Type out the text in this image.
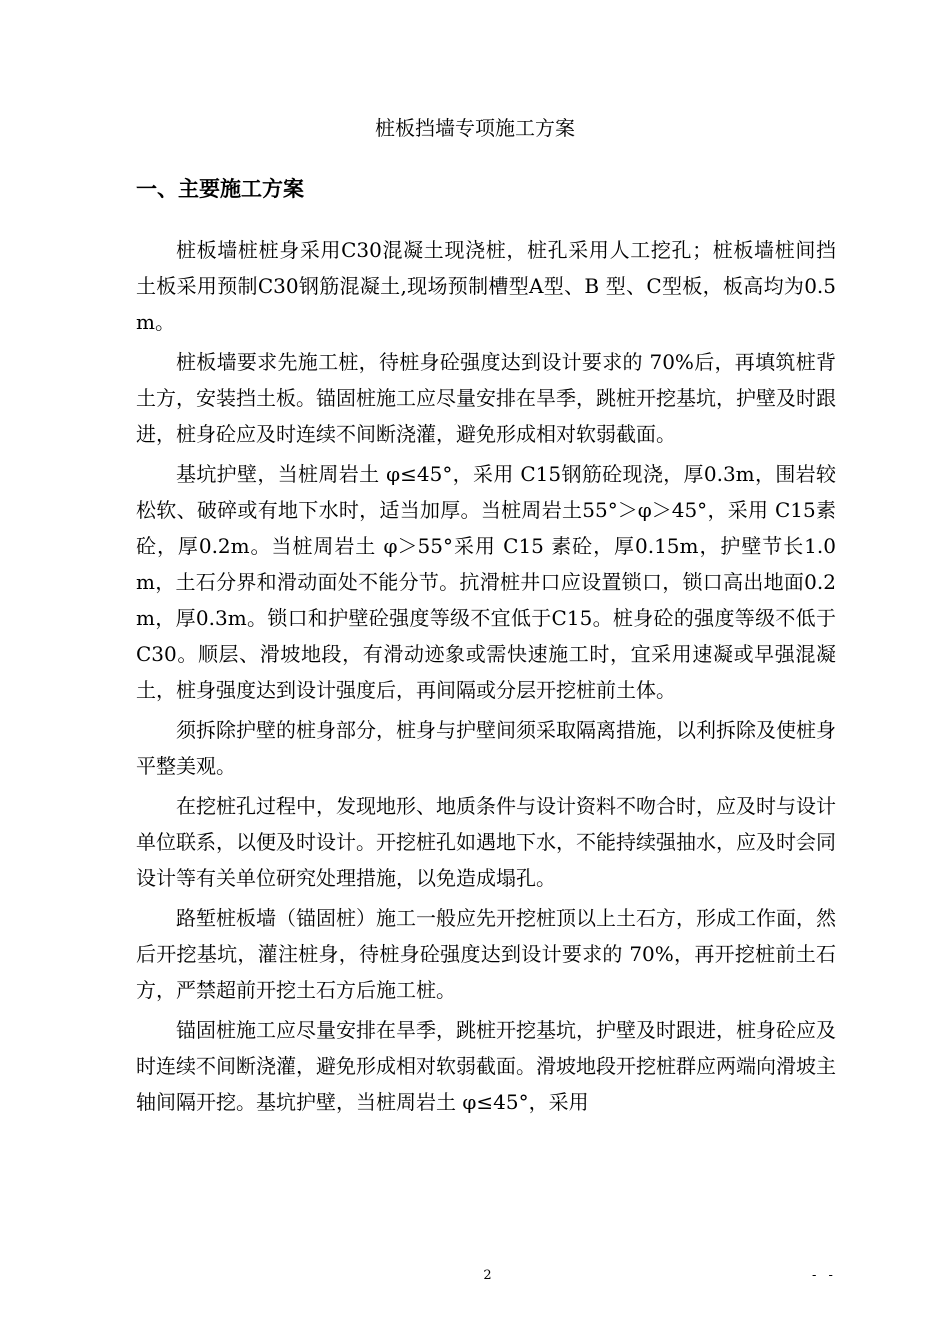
桩板挡墙专项施工方案
一、主要施工方案

桩板墙桩桩身采用C30混凝土现浇桩，桩孔采用人工挖孔；桩板墙桩间挡土板采用预制C30钢筋混凝土,现场预制槽型A型、B 型、C型板，板高均为0.5m。

桩板墙要求先施工桩，待桩身砼强度达到设计要求的 70%后，再填筑桩背土方，安装挡土板。锚固桩施工应尽量安排在旱季，跳桩开挖基坑，护壁及时跟进，桩身砼应及时连续不间断浇灌，避免形成相对软弱截面。

基坑护壁，当桩周岩土 φ≤45°，采用 C15钢筋砼现浇，厚0.3m，围岩较松软、破碎或有地下水时，适当加厚。当桩周岩土55°＞φ＞45°，采用 C15素砼，厚0.2m。当桩周岩土 φ＞55°采用 C15 素砼，厚0.15m，护壁节长1.0m，土石分界和滑动面处不能分节。抗滑桩井口应设置锁口，锁口高出地面0.2m，厚0.3m。锁口和护壁砼强度等级不宜低于C15。桩身砼的强度等级不低于 C30。顺层、滑坡地段，有滑动迹象或需快速施工时，宜采用速凝或早强混凝土，桩身强度达到设计强度后，再间隔或分层开挖桩前土体。

须拆除护壁的桩身部分，桩身与护壁间须采取隔离措施，以利拆除及使桩身平整美观。

在挖桩孔过程中，发现地形、地质条件与设计资料不吻合时，应及时与设计单位联系，以便及时设计。开挖桩孔如遇地下水，不能持续强抽水，应及时会同设计等有关单位研究处理措施，以免造成塌孔。

路堑桩板墙（锚固桩）施工一般应先开挖桩顶以上土石方，形成工作面，然后开挖基坑，灌注桩身，待桩身砼强度达到设计要求的 70%，再开挖桩前土石方，严禁超前开挖土石方后施工桩。

锚固桩施工应尽量安排在旱季，跳桩开挖基坑，护壁及时跟进，桩身砼应及时连续不间断浇灌，避免形成相对软弱截面。滑坡地段开挖桩群应两端向滑坡主轴间隔开挖。基坑护壁，当桩周岩土 φ≤45°，采用

2	- -
